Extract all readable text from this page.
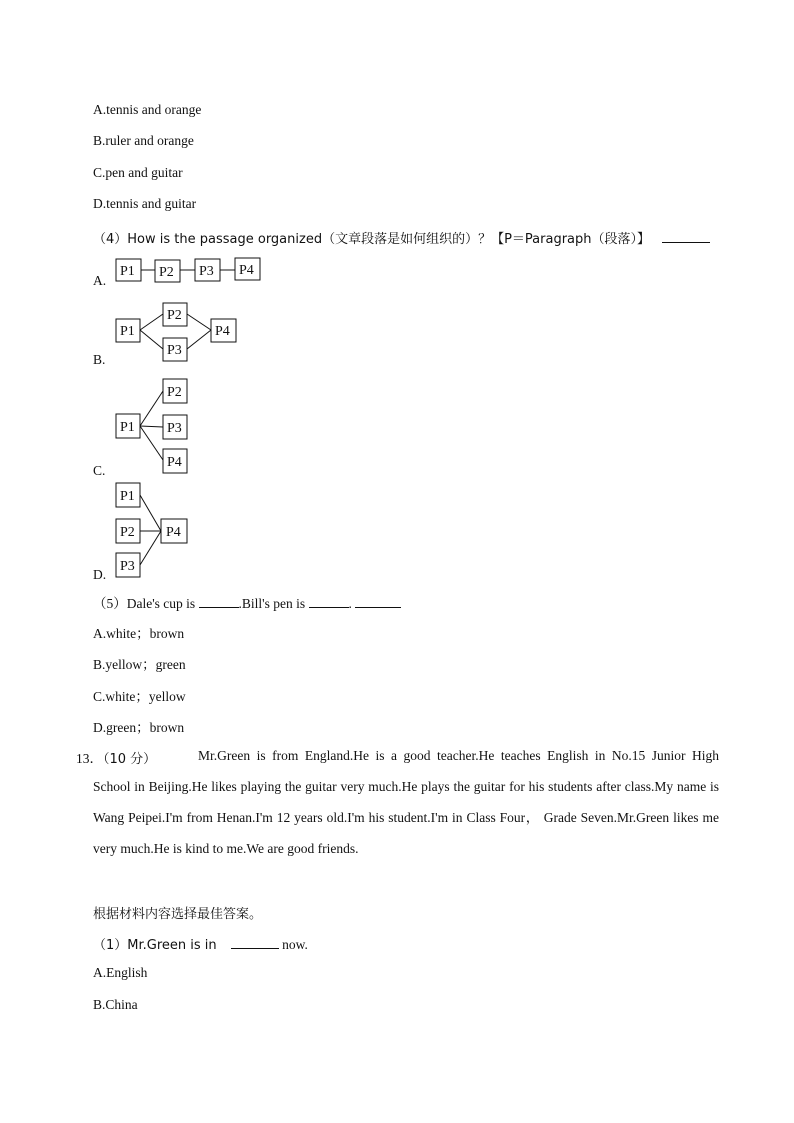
A.tennis and orange
B.ruler and orange
C.pen and guitar
D.tennis and guitar
（4）How is the passage organized（文章段落是如何组织的）？【P＝Paragraph（段落）】
A.
B.
C.
D.
P1 P2 P3 P4
P1
P2
P3
P4
P1
P2
P3
P4
P1
P2
P3
P4
（5）Dale's cup is	.Bill's pen is	.
A.white；brown
B.yellow；green
C.white；yellow
D.green；brown
13．（10 分）	Mr.Green is from England.He is a good teacher.He teaches English in No.15 Junior High School in Beijing.He likes playing the guitar very much.He plays the guitar for his students after class.My name is Wang Peipei.I'm from Henan.I'm 12 years old.I'm his student.I'm in Class Four， Grade Seven.Mr.Green likes me very much.He is kind to me.We are good friends.
根据材料内容选择最佳答案。
（1）Mr.Green is in	now.
A.English
B.China
